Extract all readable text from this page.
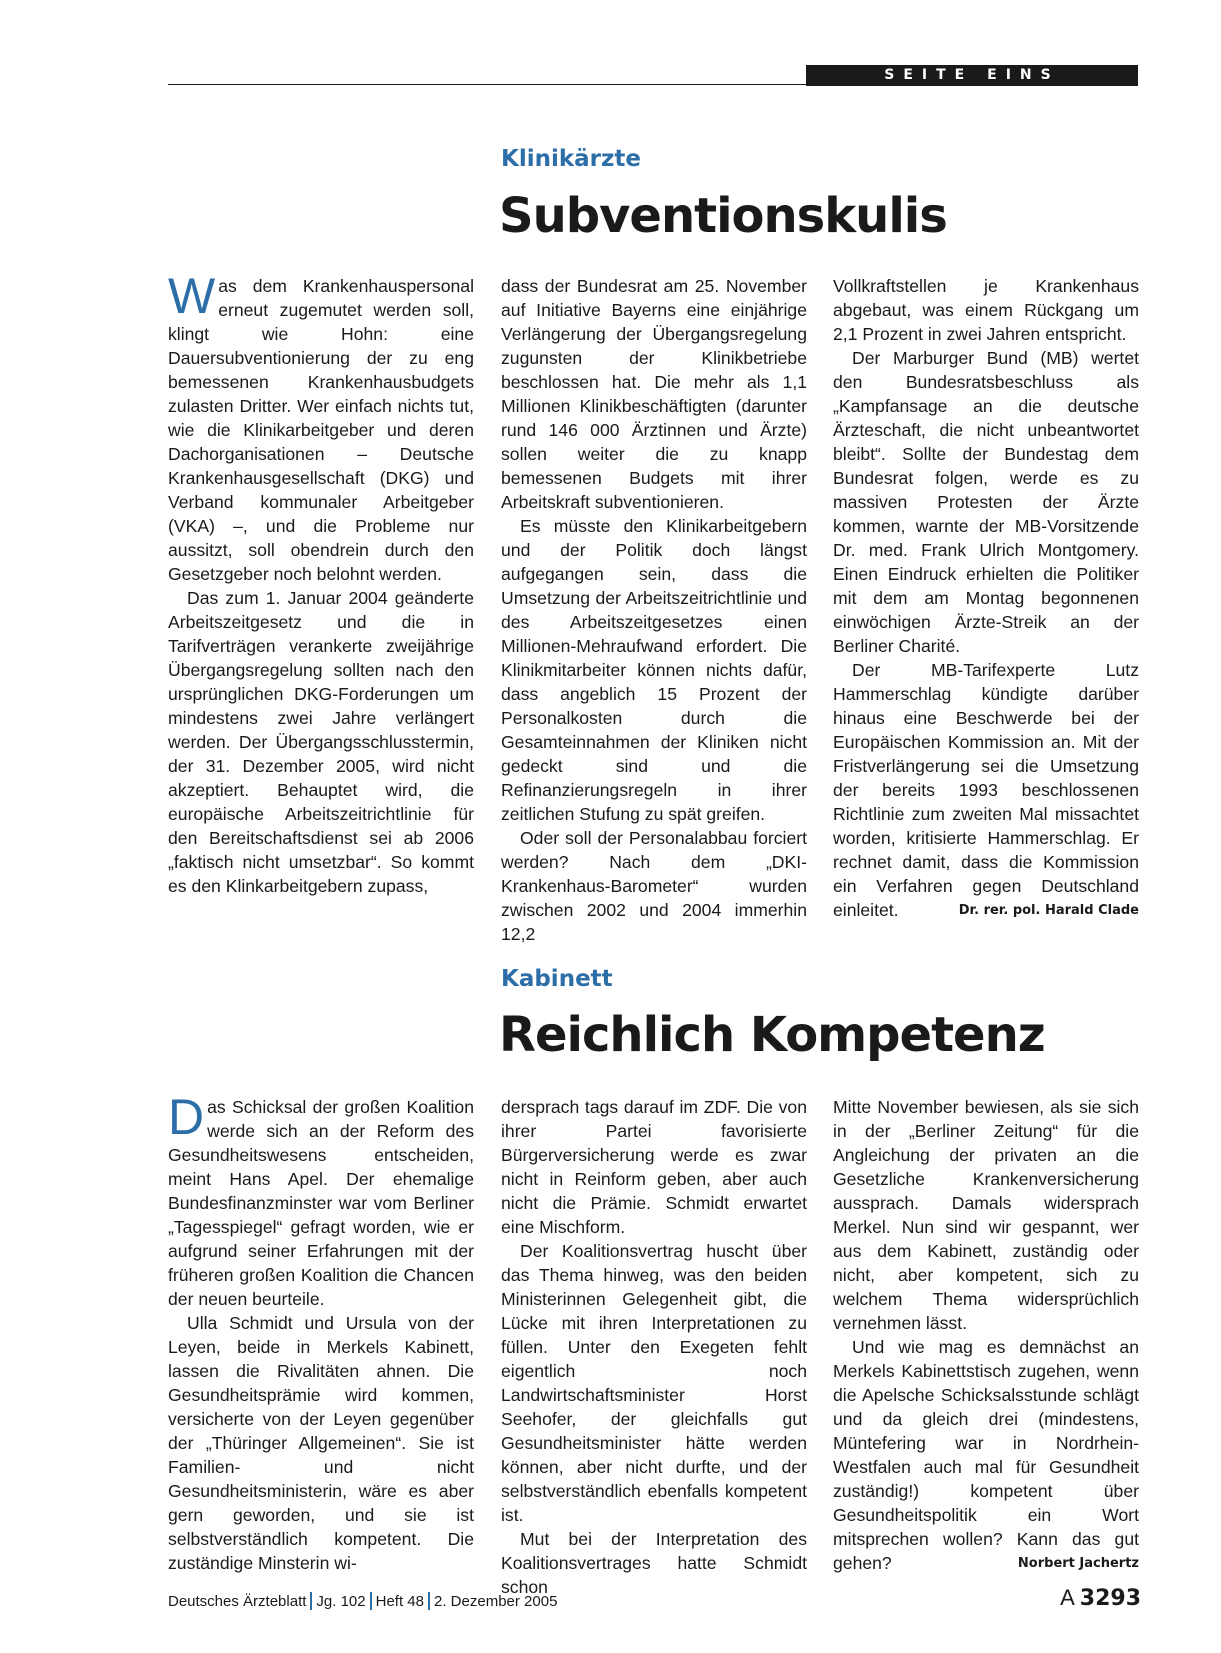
SEITE EINS
Klinikärzte
Subventionskulis

Was dem Krankenhauspersonal erneut zugemutet werden soll, klingt wie Hohn: eine Dauersubventionierung der zu eng bemessenen Krankenhausbudgets zulasten Dritter. Wer einfach nichts tut, wie die Klinikarbeitgeber und deren Dachorganisationen – Deutsche Krankenhausgesellschaft (DKG) und Verband kommunaler Arbeitgeber (VKA) –, und die Probleme nur aussitzt, soll obendrein durch den Gesetzgeber noch belohnt werden.

Das zum 1. Januar 2004 geänderte Arbeitszeitgesetz und die in Tarifverträgen verankerte zweijährige Übergangsregelung sollten nach den ursprünglichen DKG-Forderungen um mindestens zwei Jahre verlängert werden. Der Übergangsschlusstermin, der 31. Dezember 2005, wird nicht akzeptiert. Behauptet wird, die europäische Arbeitszeitrichtlinie für den Bereitschaftsdienst sei ab 2006 „faktisch nicht umsetzbar“. So kommt es den Klinkarbeitgebern zupass,

dass der Bundesrat am 25. November auf Initiative Bayerns eine einjährige Verlängerung der Übergangsregelung zugunsten der Klinikbetriebe beschlossen hat. Die mehr als 1,1 Millionen Klinikbeschäftigten (darunter rund 146 000 Ärztinnen und Ärzte) sollen weiter die zu knapp bemessenen Budgets mit ihrer Arbeitskraft subventionieren.

Es müsste den Klinikarbeitgebern und der Politik doch längst aufgegangen sein, dass die Umsetzung der Arbeitszeitrichtlinie und des Arbeitszeitgesetzes einen Millionen-Mehraufwand erfordert. Die Klinikmitarbeiter können nichts dafür, dass angeblich 15 Prozent der Personalkosten durch die Gesamteinnahmen der Kliniken nicht gedeckt sind und die Refinanzierungsregeln in ihrer zeitlichen Stufung zu spät greifen.

Oder soll der Personalabbau forciert werden? Nach dem „DKI-Krankenhaus-Barometer“ wurden zwischen 2002 und 2004 immerhin 12,2

Vollkraftstellen je Krankenhaus abgebaut, was einem Rückgang um 2,1 Prozent in zwei Jahren entspricht.

Der Marburger Bund (MB) wertet den Bundesratsbeschluss als „Kampfansage an die deutsche Ärzteschaft, die nicht unbeantwortet bleibt“. Sollte der Bundestag dem Bundesrat folgen, werde es zu massiven Protesten der Ärzte kommen, warnte der MB-Vorsitzende Dr. med. Frank Ulrich Montgomery. Einen Eindruck erhielten die Politiker mit dem am Montag begonnenen einwöchigen Ärzte-Streik an der Berliner Charité.

Der MB-Tarifexperte Lutz Hammerschlag kündigte darüber hinaus eine Beschwerde bei der Europäischen Kommission an. Mit der Fristverlängerung sei die Umsetzung der bereits 1993 beschlossenen Richtlinie zum zweiten Mal missachtet worden, kritisierte Hammerschlag. Er rechnet damit, dass die Kommission ein Verfahren gegen Deutschland einleitet.	Dr. rer. pol. Harald Clade

Kabinett
Reichlich Kompetenz

Das Schicksal der großen Koalition werde sich an der Reform des Gesundheitswesens entscheiden, meint Hans Apel. Der ehemalige Bundesfinanzminster war vom Berliner „Tagesspiegel“ gefragt worden, wie er aufgrund seiner Erfahrungen mit der früheren großen Koalition die Chancen der neuen beurteile.

Ulla Schmidt und Ursula von der Leyen, beide in Merkels Kabinett, lassen die Rivalitäten ahnen. Die Gesundheitsprämie wird kommen, versicherte von der Leyen gegenüber der „Thüringer Allgemeinen“. Sie ist Familien- und nicht Gesundheitsministerin, wäre es aber gern geworden, und sie ist selbstverständlich kompetent. Die zuständige Minsterin wi-

dersprach tags darauf im ZDF. Die von ihrer Partei favorisierte Bürgerversicherung werde es zwar nicht in Reinform geben, aber auch nicht die Prämie. Schmidt erwartet eine Mischform.

Der Koalitionsvertrag huscht über das Thema hinweg, was den beiden Ministerinnen Gelegenheit gibt, die Lücke mit ihren Interpretationen zu füllen. Unter den Exegeten fehlt eigentlich noch Landwirtschaftsminister Horst Seehofer, der gleichfalls gut Gesundheitsminister hätte werden können, aber nicht durfte, und der selbstverständlich ebenfalls kompetent ist.

Mut bei der Interpretation des Koalitionsvertrages hatte Schmidt schon

Mitte November bewiesen, als sie sich in der „Berliner Zeitung“ für die Angleichung der privaten an die Gesetzliche Krankenversicherung aussprach. Damals widersprach Merkel. Nun sind wir gespannt, wer aus dem Kabinett, zuständig oder nicht, aber kompetent, sich zu welchem Thema widersprüchlich vernehmen lässt.

Und wie mag es demnächst an Merkels Kabinettstisch zugehen, wenn die Apelsche Schicksalsstunde schlägt und da gleich drei (mindestens, Müntefering war in Nordrhein-Westfalen auch mal für Gesundheit zuständig!) kompetent über Gesundheitspolitik ein Wort mitsprechen wollen? Kann das gut gehen?	Norbert Jachertz

Deutsches Ärzteblatt Jg. 102 Heft 48 2. Dezember 2005	A 3293
